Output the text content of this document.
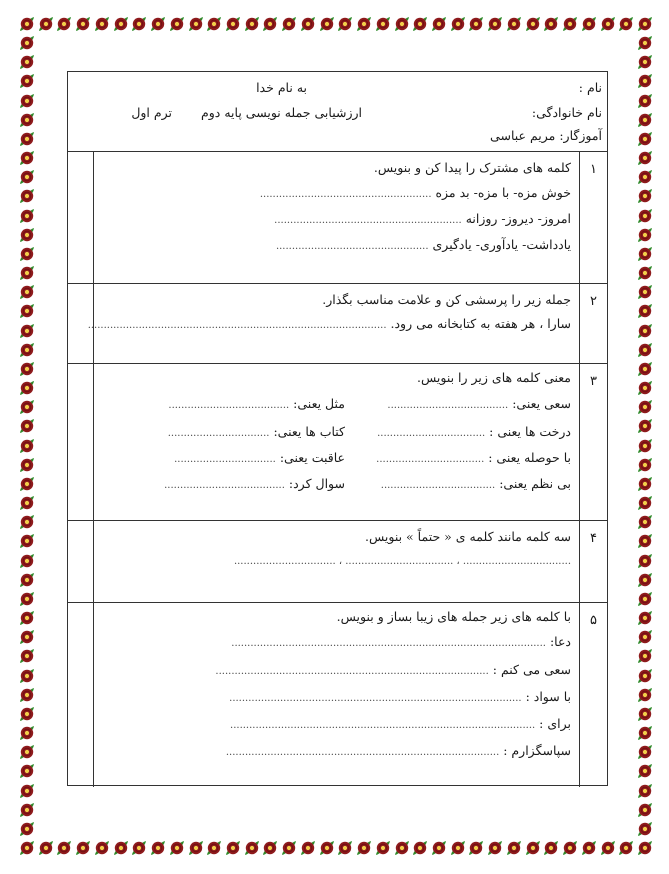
به نام خدا	نام :
نام خانوادگی:
ارزشیابی جمله نویسی پایه دوم
ترم اول
آموزگار: مریم عباسی
۱
کلمه های مشترک را پیدا کن و بنویس.
خوش مزه- با مزه- بد مزه ......................................................
امروز- دیروز- روزانه ...........................................................
یادداشت- یادآوری- یادگیری ................................................
۲
جمله زیر را پرسشی کن و علامت مناسب بگذار.
سارا ، هر هفته به کتابخانه می رود. ..............................................................................................
۳
معنی کلمه های زیر را بنویس.
سعی یعنی: ......................................
مثل یعنی: ......................................
درخت ها یعنی : ..................................
کتاب ها یعنی: ................................
با حوصله یعنی : ..................................
عاقبت یعنی: ................................
بی نظم یعنی: ....................................
سوال کرد: ......................................
۴
سه کلمه مانند کلمه ی « حتماً » بنویس.
.................................. ، .................................. ، ................................
۵
با کلمه های زیر جمله های زیبا بساز و بنویس.
دعا: ...................................................................................................
سعی می کنم : ......................................................................................
با سواد : ............................................................................................
برای : ................................................................................................
سپاسگزارم : ......................................................................................
